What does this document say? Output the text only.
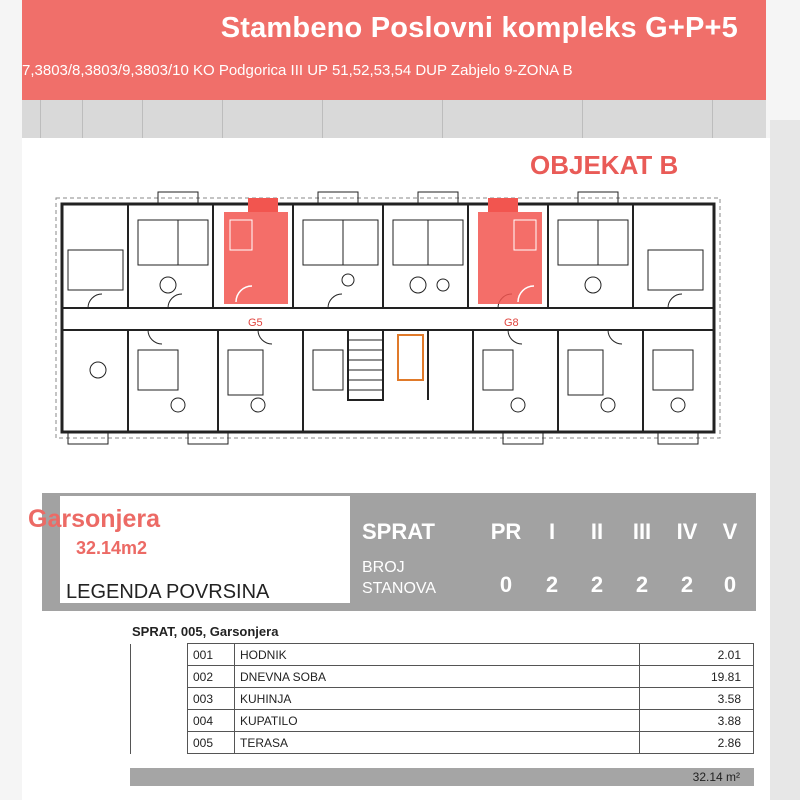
Stambeno Poslovni kompleks G+P+5
7,3803/8,3803/9,3803/10 KO Podgorica III UP 51,52,53,54 DUP Zabjelo 9-ZONA B
OBJEKAT B
G5	G8
Garsonjera
32.14m2
LEGENDA POVRSINA
SPRAT
BROJ
STANOVA
PR	I	II	III	IV	V
0	2	2	2	2	0
SPRAT, 005, Garsonjera
	001	HODNIK	2.01
	002	DNEVNA SOBA	19.81
	003	KUHINJA	3.58
	004	KUPATILO	3.88
	005	TERASA	2.86
32.14 m²
